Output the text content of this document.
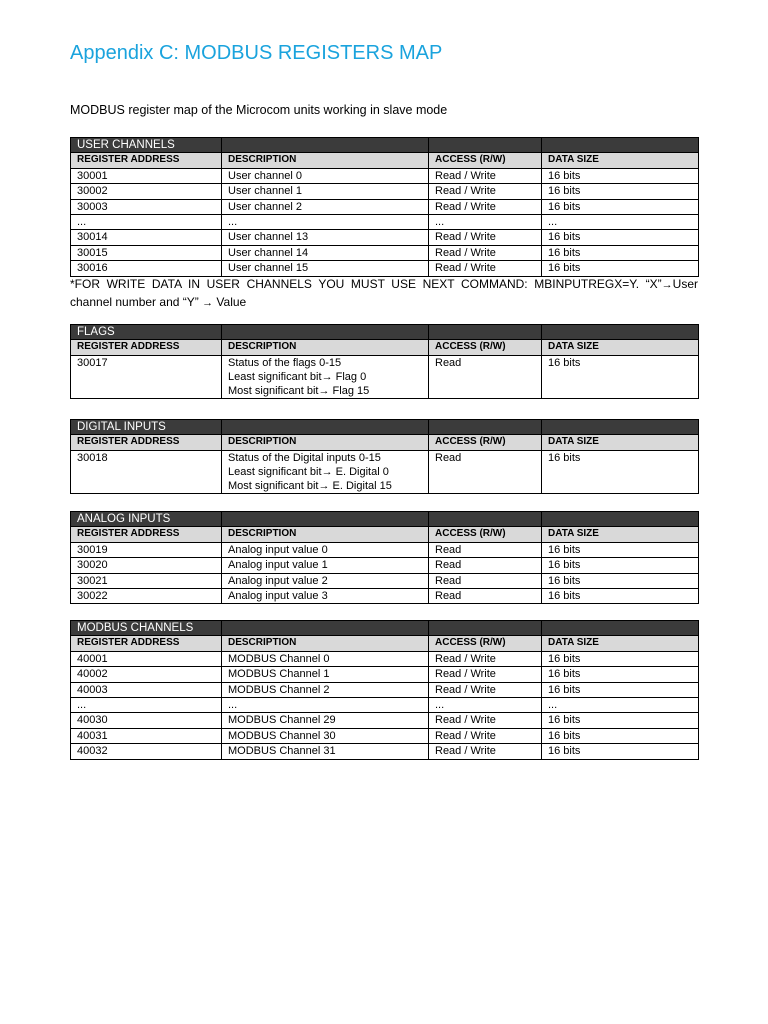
Appendix C: MODBUS REGISTERS MAP
MODBUS register map of the Microcom units working in slave mode
USER CHANNELS			
REGISTER ADDRESS	DESCRIPTION	ACCESS (R/W)	DATA SIZE
30001	User channel 0	Read / Write	16 bits
30002	User channel 1	Read / Write	16 bits
30003	User channel 2	Read / Write	16 bits
...	...	...	...
30014	User channel 13	Read / Write	16 bits
30015	User channel 14	Read / Write	16 bits
30016	User channel 15	Read / Write	16 bits
*FOR WRITE DATA IN USER CHANNELS YOU MUST USE NEXT COMMAND: MBINPUTREGX=Y. “X”→User channel number and “Y” → Value
FLAGS			
REGISTER ADDRESS	DESCRIPTION	ACCESS (R/W)	DATA SIZE
30017	Status of the flags 0-15
Least significant bit→ Flag 0
Most significant bit→ Flag 15	Read	16 bits
DIGITAL INPUTS			
REGISTER ADDRESS	DESCRIPTION	ACCESS (R/W)	DATA SIZE
30018	Status of the Digital inputs 0-15
Least significant bit→ E. Digital 0
Most significant bit→ E. Digital 15	Read	16 bits
ANALOG INPUTS			
REGISTER ADDRESS	DESCRIPTION	ACCESS (R/W)	DATA SIZE
30019	Analog input value 0	Read	16 bits
30020	Analog input value 1	Read	16 bits
30021	Analog input value 2	Read	16 bits
30022	Analog input value 3	Read	16 bits
MODBUS CHANNELS			
REGISTER ADDRESS	DESCRIPTION	ACCESS (R/W)	DATA SIZE
40001	MODBUS Channel 0	Read / Write	16 bits
40002	MODBUS Channel 1	Read / Write	16 bits
40003	MODBUS Channel 2	Read / Write	16 bits
...	...	...	...
40030	MODBUS Channel 29	Read / Write	16 bits
40031	MODBUS Channel 30	Read / Write	16 bits
40032	MODBUS Channel 31	Read / Write	16 bits
